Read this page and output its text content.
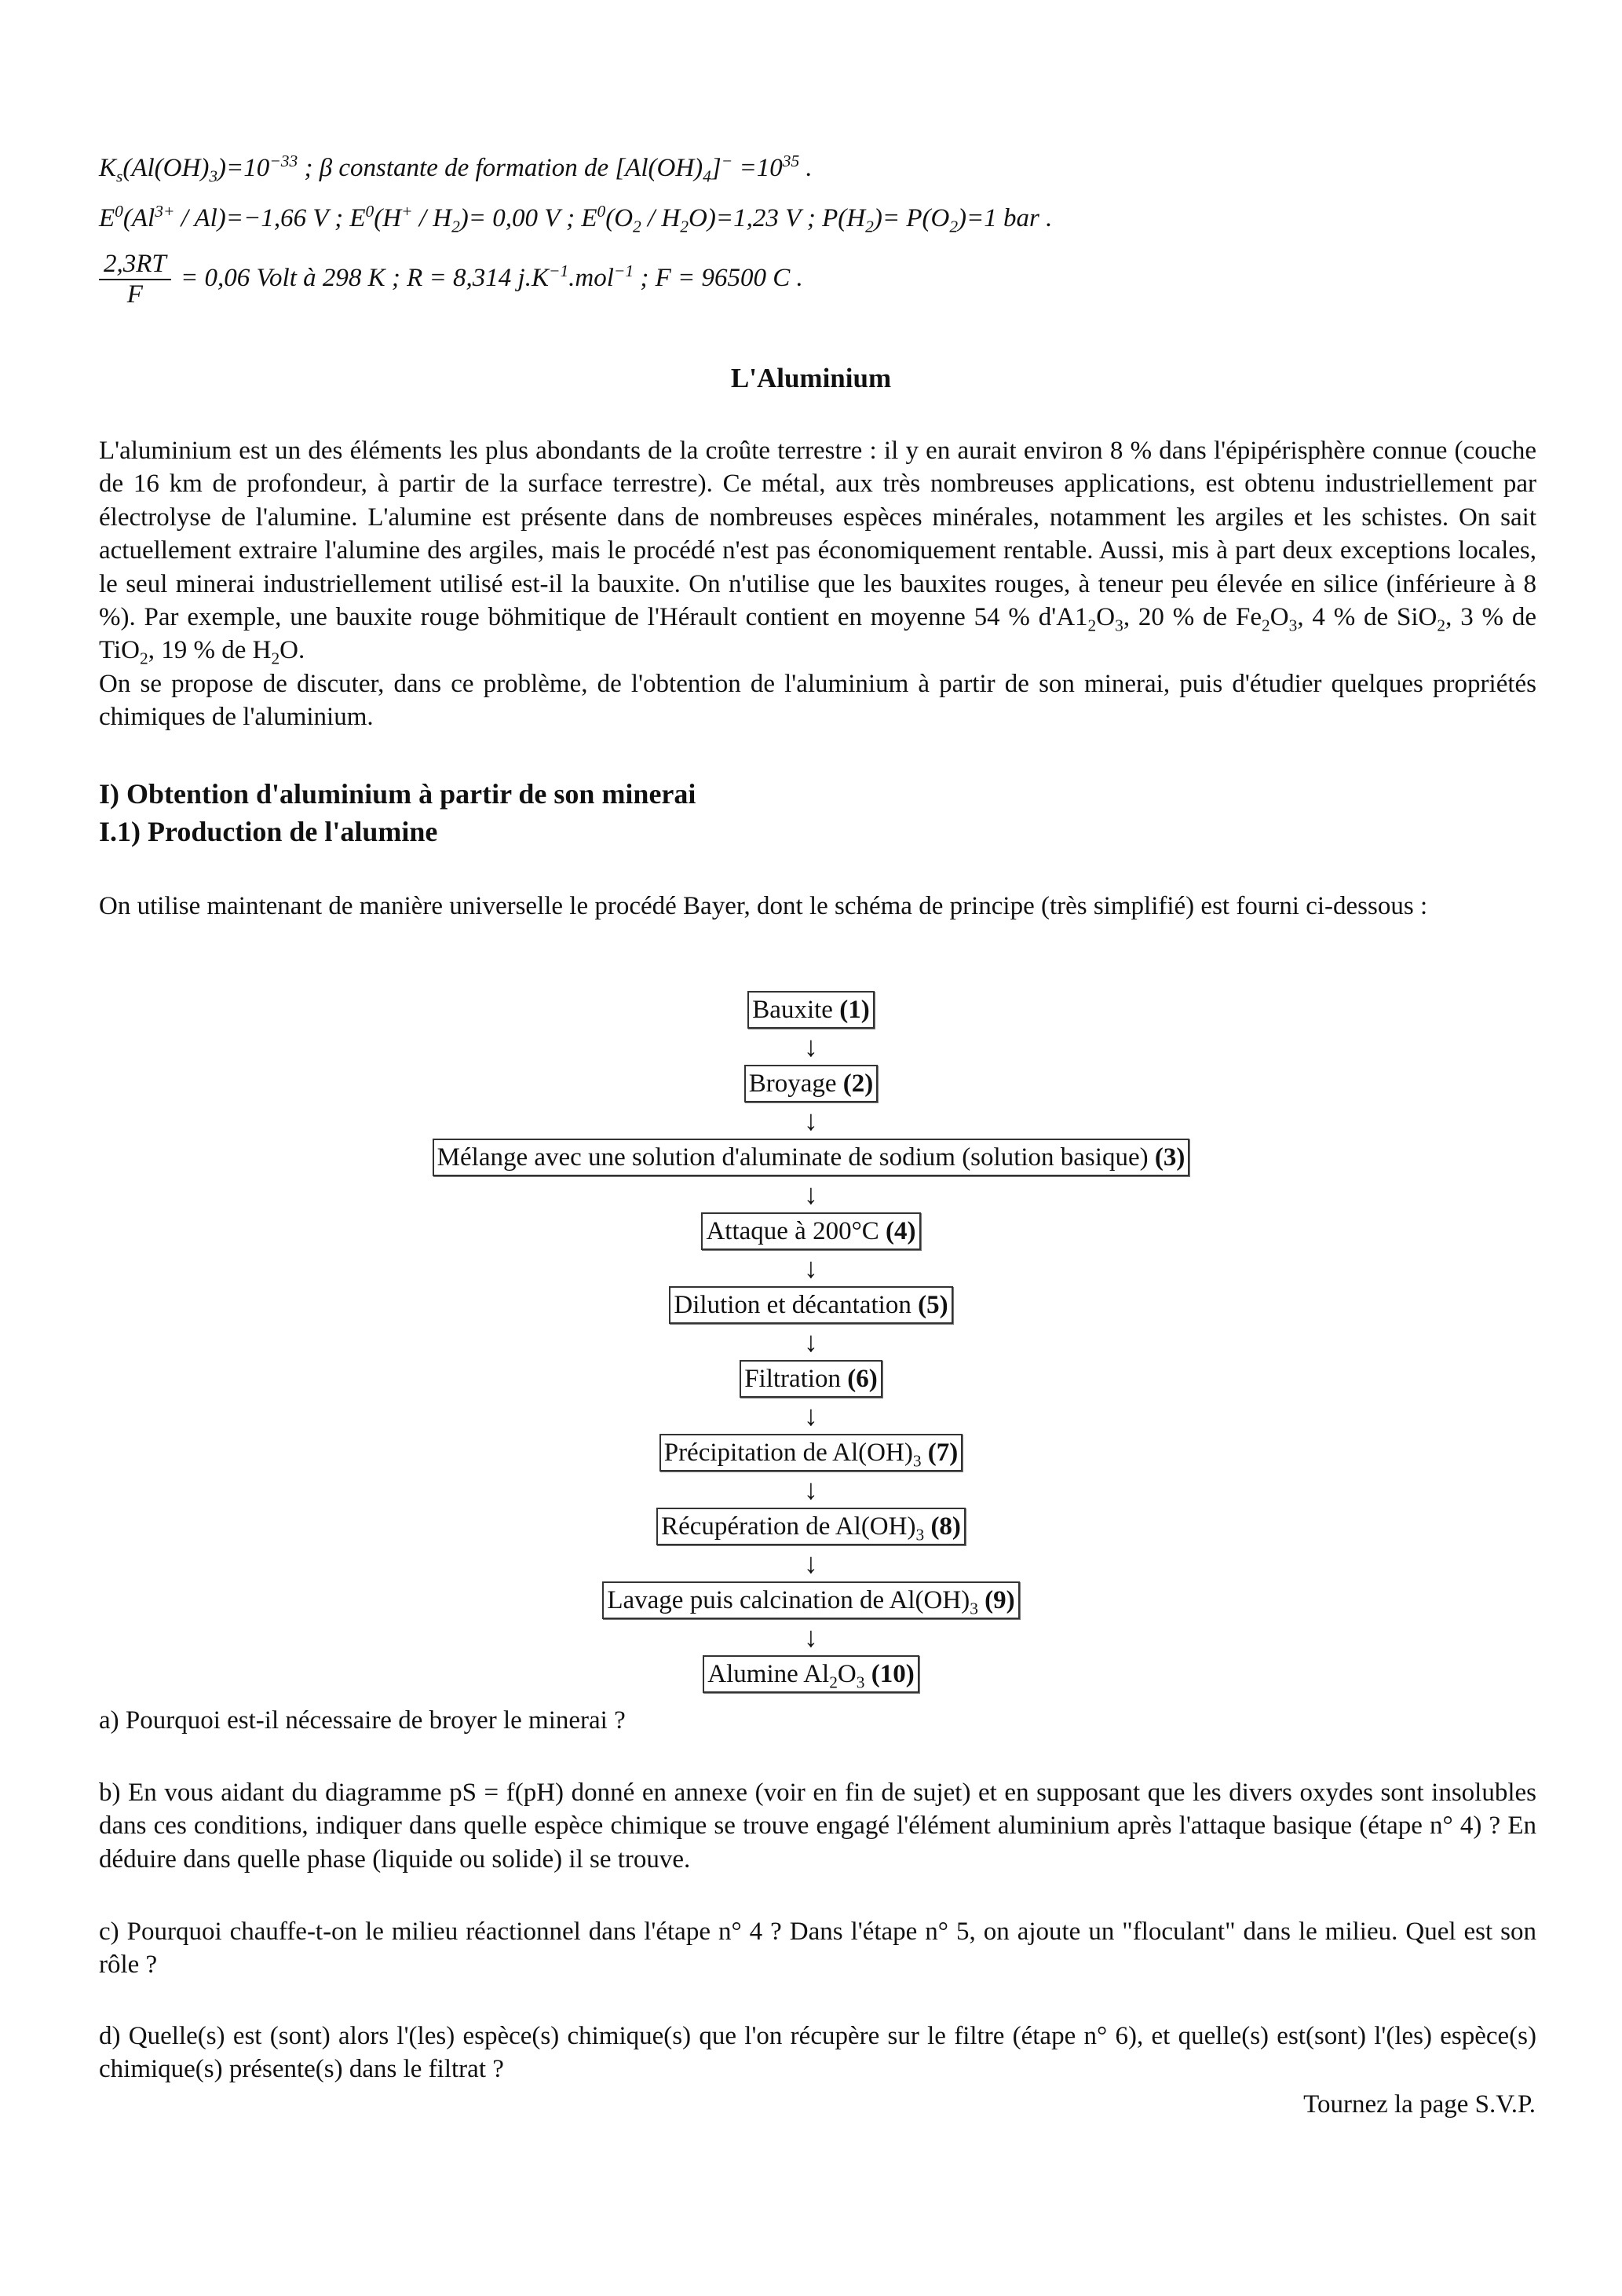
$K_s(Al(OH)_3)=10^{-33}$ ; β constante de formation de $[Al(OH)_4]^- =10^{35}$ .
$E^0(Al^{3+} / Al)=-1,66$ V ; $E^0(H^+ / H_2)= 0,00$ V ; $E^0(O_2 / H_2O)=1,23$ V ; $P(H_2)= P(O_2)=1$ bar .
$\frac{2,3RT}{F} = 0,06$ Volt à 298 K ; R = 8,314 $j.K^{-1}.mol^{-1}$ ; F = 96500 C .
L'Aluminium
L'aluminium est un des éléments les plus abondants de la croûte terrestre : il y en aurait environ 8 % dans l'épipérisphère connue (couche de 16 km de profondeur, à partir de la surface terrestre). Ce métal, aux très nombreuses applications, est obtenu industriellement par électrolyse de l'alumine. L'alumine est présente dans de nombreuses espèces minérales, notamment les argiles et les schistes. On sait actuellement extraire l'alumine des argiles, mais le procédé n'est pas économiquement rentable. Aussi, mis à part deux exceptions locales, le seul minerai industriellement utilisé est-il la bauxite. On n'utilise que les bauxites rouges, à teneur peu élevée en silice (inférieure à 8 %). Par exemple, une bauxite rouge böhmitique de l'Hérault contient en moyenne 54 % $d'A1_2O_3$, 20 % de $Fe_2O_3$, 4 % de SiO$_2$, 3 % de TiO$_2$, 19 % de $H_2O$.
On se propose de discuter, dans ce problème, de l'obtention de l'aluminium à partir de son minerai, puis d'étudier quelques propriétés chimiques de l'aluminium.
I) Obtention d'aluminium à partir de son minerai
I.1) Production de l'alumine
On utilise maintenant de manière universelle le procédé Bayer, dont le schéma de principe (très simplifié) est fourni ci-dessous :
Bauxite (1)
↓
Broyage (2)
↓
Mélange avec une solution d'aluminate de sodium (solution basique) (3)
↓
Attaque à 200°C (4)
↓
Dilution et décantation (5)
↓
Filtration (6)
↓
Précipitation de $Al(OH)_3$ (7)
↓
Récupération de $Al(OH)_3$ (8)
↓
Lavage puis calcination de $Al(OH)_3$ (9)
↓
Alumine $Al_2O_3$ (10)
a) Pourquoi est-il nécessaire de broyer le minerai ?
b) En vous aidant du diagramme pS = f(pH) donné en annexe (voir en fin de sujet) et en supposant que les divers oxydes sont insolubles dans ces conditions, indiquer dans quelle espèce chimique se trouve engagé l'élément aluminium après l'attaque basique (étape n° 4) ? En déduire dans quelle phase (liquide ou solide) il se trouve.
c) Pourquoi chauffe-t-on le milieu réactionnel dans l'étape n° 4 ? Dans l'étape n° 5, on ajoute un "floculant" dans le milieu. Quel est son rôle ?
d) Quelle(s) est (sont) alors l'(les) espèce(s) chimique(s) que l'on récupère sur le filtre (étape n° 6), et quelle(s) est(sont) l'(les) espèce(s) chimique(s) présente(s) dans le filtrat ?
Tournez la page S.V.P.
